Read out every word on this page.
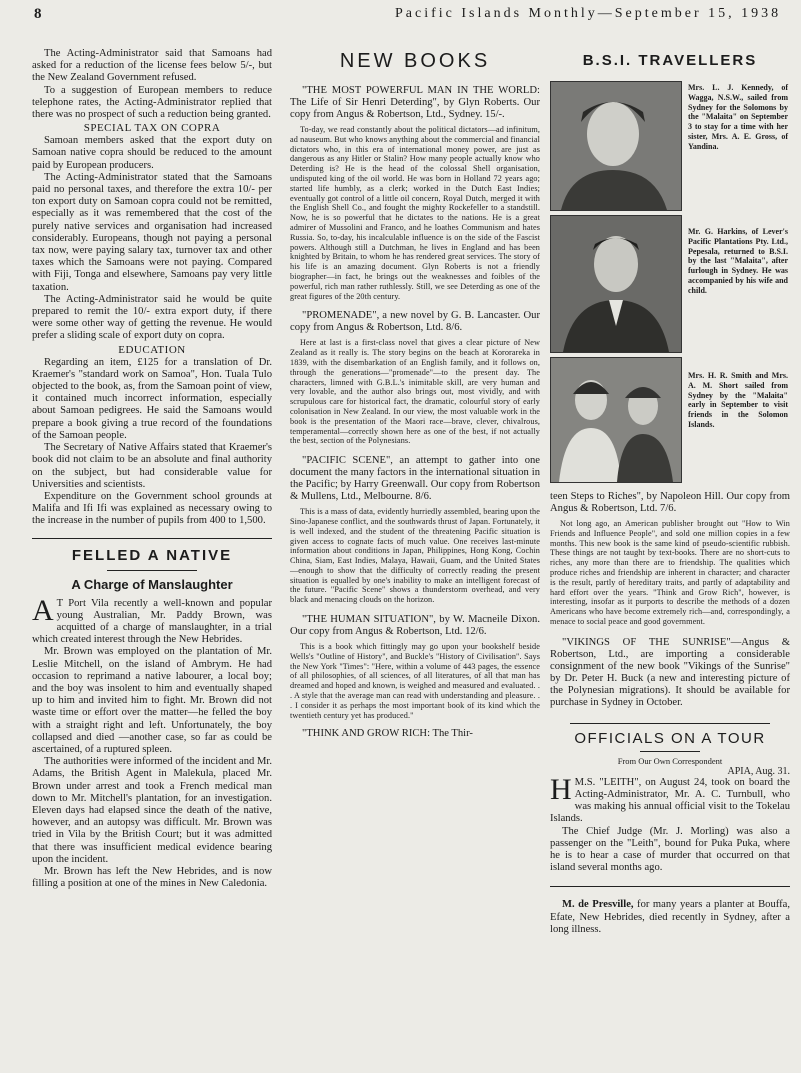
8	Pacific Islands Monthly—September 15, 1938

The Acting-Administrator said that Samoans had asked for a reduction of the license fees below 5/-, but the New Zealand Government refused.

To a suggestion of European members to reduce telephone rates, the Acting-Administrator replied that there was no prospect of such a reduction being granted.

SPECIAL TAX ON COPRA

Samoan members asked that the export duty on Samoan native copra should be reduced to the amount paid by European producers.

The Acting-Administrator stated that the Samoans paid no personal taxes, and therefore the extra 10/- per ton export duty on Samoan copra could not be remitted, especially as it was remembered that the cost of the purely native services and organisation had increased considerably. Europeans, though not paying a personal tax now, were paying salary tax, turnover tax and other taxes which the Samoans were not paying. Compared with Fiji, Tonga and elsewhere, Samoans pay very little taxation.

The Acting-Administrator said he would be quite prepared to remit the 10/- extra export duty, if there were some other way of getting the revenue. He would prefer a sliding scale of export duty on copra.

EDUCATION

Regarding an item, £125 for a translation of Dr. Kraemer's "standard work on Samoa", Hon. Tuala Tulo objected to the book, as, from the Samoan point of view, it contained much incorrect information, especially about Samoan pedigrees. He said the Samoans would prepare a book giving a true record of the foundations of the Samoan people.

The Secretary of Native Affairs stated that Kraemer's book did not claim to be an absolute and final authority on the subject, but had considerable value for Universities and scientists.

Expenditure on the Government school grounds at Malifa and Ifi Ifi was explained as necessary owing to the increase in the number of pupils from 400 to 1,500.

FELLED A NATIVE
A Charge of Manslaughter

A T Port Vila recently a well-known and popular young Australian, Mr. Paddy Brown, was acquitted of a charge of manslaughter, in a trial which created interest through the New Hebrides.

Mr. Brown was employed on the plantation of Mr. Leslie Mitchell, on the island of Ambrym. He had occasion to reprimand a native labourer, a local boy; and the boy was insolent to him and eventually shaped up to him and invited him to fight. Mr. Brown did not waste time or effort over the matter—he felled the boy with a straight right and left. Unfortunately, the boy collapsed and died —another case, so far as could be ascertained, of a ruptured spleen.

The authorities were informed of the incident and Mr. Adams, the British Agent in Malekula, placed Mr. Brown under arrest and took a French medical man down to Mr. Mitchell's plantation, for an investigation. Eleven days had elapsed since the death of the native, however, and an autopsy was difficult. Mr. Brown was tried in Vila by the British Court; but it was admitted that there was insufficient medical evidence bearing upon the incident.

Mr. Brown has left the New Hebrides, and is now filling a position at one of the mines in New Caledonia.

NEW BOOKS

"THE MOST POWERFUL MAN IN THE WORLD: The Life of Sir Henri Deterding", by Glyn Roberts. Our copy from Angus & Robertson, Ltd., Sydney. 15/-.

To-day, we read constantly about the political dictators—ad infinitum, ad nauseum. But who knows anything about the commercial and financial dictators who, in this era of international money power, are just as dangerous as any Hitler or Stalin? How many people actually know who Deterding is? He is the head of the colossal Shell organisation, undisputed king of the oil world. He was born in Holland 72 years ago; started life humbly, as a clerk; worked in the Dutch East Indies; eventually got control of a little oil concern, Royal Dutch, merged it with the English Shell Co., and fought the mighty Rockefeller to a standstill. Now, he is so powerful that he dictates to the nations. He is a great admirer of Mussolini and Franco, and he loathes Communism and hates Russia. So, to-day, his incalculable influence is on the side of the Fascist powers. Although still a Dutchman, he lives in England and has been knighted by Britain, to whom he has rendered great services. The story of his life is an amazing document. Glyn Roberts is not a friendly biographer—in fact, he brings out the weaknesses and foibles of the powerful, rich man rather ruthlessly. Still, we see Deterding as one of the great figures of the 20th century.

"PROMENADE", a new novel by G. B. Lancaster. Our copy from Angus & Robertson, Ltd. 8/6.

Here at last is a first-class novel that gives a clear picture of New Zealand as it really is. The story begins on the beach at Kororareka in 1839, with the disembarkation of an English family, and it follows on, through the generations—"promenade"—to the present day. The characters, limned with G.B.L.'s inimitable skill, are very human and very lovable, and the author also brings out, most vividly, and with scrupulous care for historical fact, the dramatic, colourful story of early colonisation in New Zealand. In our view, the most valuable work in the book is the presentation of the Maori race—brave, clever, chivalrous, temperamental—correctly shown here as one of the best, if not actually the best, section of the Polynesians.

"PACIFIC SCENE", an attempt to gather into one document the many factors in the international situation in the Pacific; by Harry Greenwall. Our copy from Robertson & Mullens, Ltd., Melbourne. 8/6.

This is a mass of data, evidently hurriedly assembled, bearing upon the Sino-Japanese conflict, and the southwards thrust of Japan. Fortunately, it is well indexed, and the student of the threatening Pacific situation is given access to cognate facts of much value. One receives last-minute information about conditions in Japan, Philippines, Hong Kong, Cochin China, Siam, East Indies, Malaya, Hawaii, Guam, and the United States—enough to show that the difficulty of correctly reading the present situation is equalled by one's inability to make an intelligent forecast of the future. "Pacific Scene" shows a thunderstorm overhead, and very black and menacing clouds on the horizon.

"THE HUMAN SITUATION", by W. Macneile Dixon. Our copy from Angus & Robertson, Ltd. 12/6.

This is a book which fittingly may go upon your bookshelf beside Wells's "Outline of History", and Buckle's "History of Civilisation". Says the New York "Times": "Here, within a volume of 443 pages, the essence of all philosophies, of all sciences, of all literatures, of all that man has dreamed and hoped and known, is weighed and measured and evaluated. . . A style that the average man can read with understanding and pleasure. . . I consider it as perhaps the most important book of its kind which the twentieth century yet has produced."

"THINK AND GROW RICH: The Thir-

B.S.I. TRAVELLERS
Mrs. L. J. Kennedy, of Wagga, N.S.W., sailed from Sydney for the Solomons by the "Malaita" on September 3 to stay for a time with her sister, Mrs. A. E. Gross, of Yandina.
Mr. G. Harkins, of Lever's Pacific Plantations Pty. Ltd., Pepesala, returned to B.S.I. by the last "Malaita", after furlough in Sydney. He was accompanied by his wife and child.
Mrs. H. R. Smith and Mrs. A. M. Short sailed from Sydney by the "Malaita" early in September to visit friends in the Solomon Islands.

teen Steps to Riches", by Napoleon Hill. Our copy from Angus & Robertson, Ltd. 7/6.

Not long ago, an American publisher brought out "How to Win Friends and Influence People", and sold one million copies in a few months. This new book is the same kind of pseudo-scientific rubbish. These things are not taught by text-books. There are no short-cuts to riches, any more than there are to friendship. The qualities which produce riches and friendship are inherent in character; and character is the result, partly of hereditary traits, and partly of adaptability and hard effort over the years. "Think and Grow Rich", however, is interesting, insofar as it purports to describe the methods of a dozen Americans who have become extremely rich—and, correspondingly, a menace to social peace and good government.

"VIKINGS OF THE SUNRISE"—Angus & Robertson, Ltd., are importing a considerable consignment of the new book "Vikings of the Sunrise" by Dr. Peter H. Buck (a new and interesting picture of the Polynesian migrations). It should be available for purchase in Sydney in October.

OFFICIALS ON A TOUR
From Our Own Correspondent
APIA, Aug. 31.

H M.S. "LEITH", on August 24, took on board the Acting-Administrator, Mr. A. C. Turnbull, who was making his annual official visit to the Tokelau Islands.

The Chief Judge (Mr. J. Morling) was also a passenger on the "Leith", bound for Puka Puka, where he is to hear a case of murder that occurred on that island several months ago.

M. de Presville, for many years a planter at Bouffa, Efate, New Hebrides, died recently in Sydney, after a long illness.
